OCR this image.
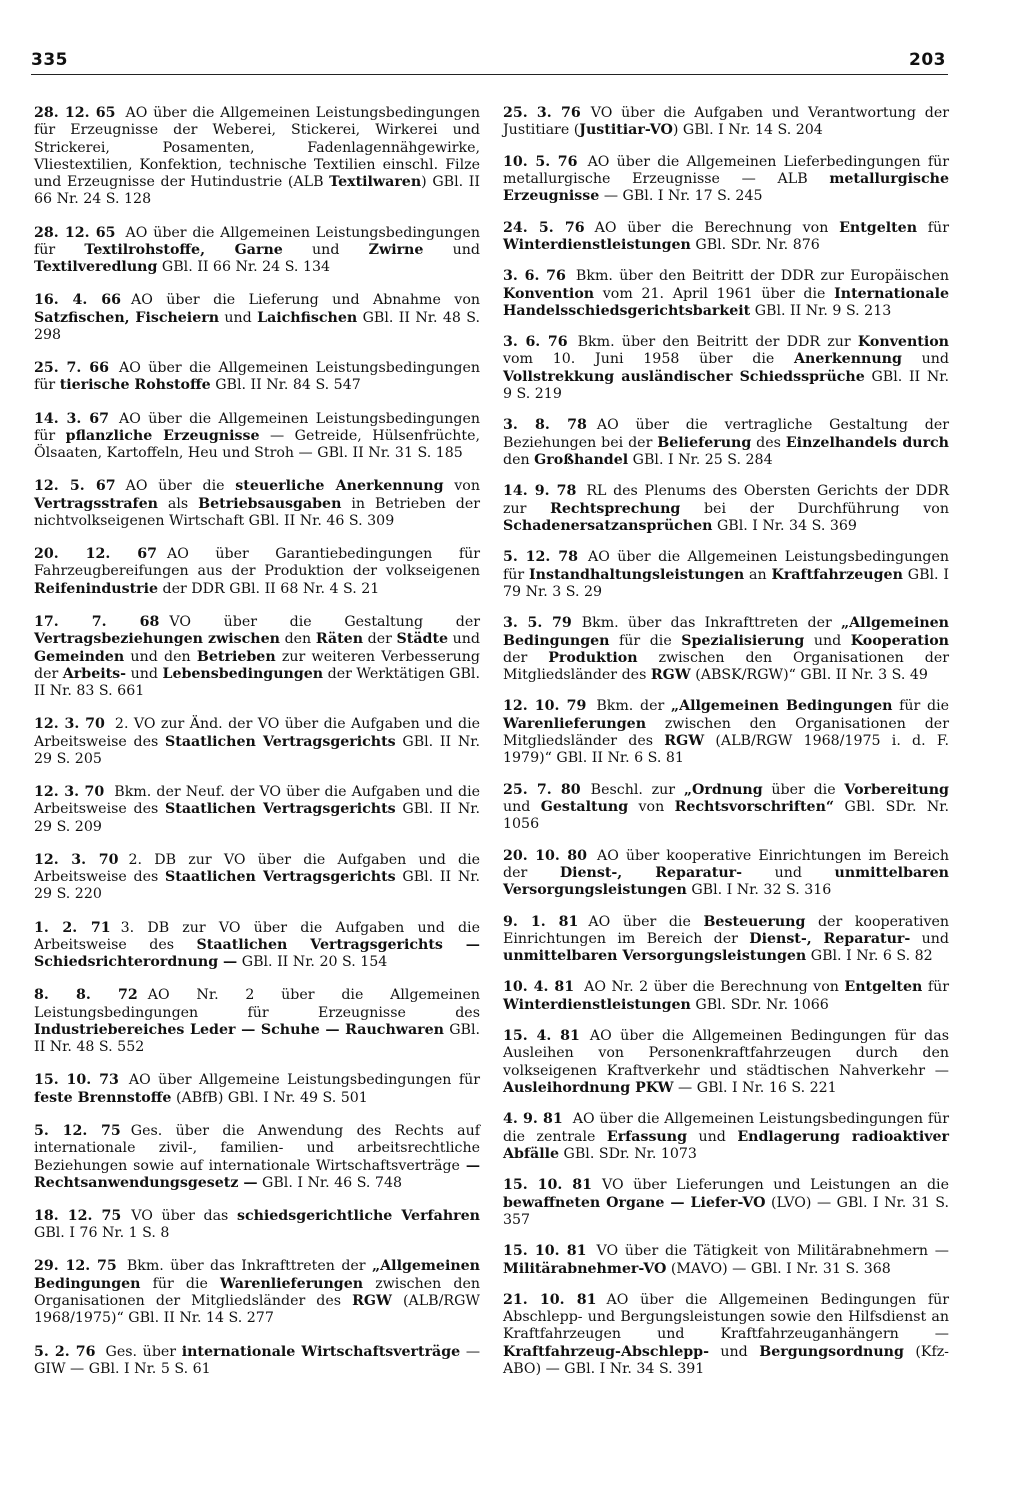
335	203

28. 12. 65 AO über die Allgemeinen Leistungsbedingungen für Erzeugnisse der Weberei, Stickerei, Wirkerei und Strickerei, Posamenten, Fadenlagennähgewirke, Vliestextilien, Konfektion, technische Textilien einschl. Filze und Erzeugnisse der Hutindustrie (ALB Textilwaren) GBl. II 66 Nr. 24 S. 128

28. 12. 65 AO über die Allgemeinen Leistungsbedingungen für Textilrohstoffe, Garne und Zwirne und Textilveredlung GBl. II 66 Nr. 24 S. 134

16. 4. 66 AO über die Lieferung und Abnahme von Satzfischen, Fischeiern und Laichfischen GBl. II Nr. 48 S. 298

25. 7. 66 AO über die Allgemeinen Leistungsbedingungen für tierische Rohstoffe GBl. II Nr. 84 S. 547

14. 3. 67 AO über die Allgemeinen Leistungsbedingungen für pflanzliche Erzeugnisse — Getreide, Hülsenfrüchte, Ölsaaten, Kartoffeln, Heu und Stroh — GBl. II Nr. 31 S. 185

12. 5. 67 AO über die steuerliche Anerkennung von Vertragsstrafen als Betriebsausgaben in Betrieben der nichtvolkseigenen Wirtschaft GBl. II Nr. 46 S. 309

20. 12. 67 AO über Garantiebedingungen für Fahrzeugbereifungen aus der Produktion der volkseigenen Reifenindustrie der DDR GBl. II 68 Nr. 4 S. 21

17. 7. 68 VO über die Gestaltung der Vertragsbeziehungen zwischen den Räten der Städte und Gemeinden und den Betrieben zur weiteren Verbesserung der Arbeits- und Lebensbedingungen der Werktätigen GBl. II Nr. 83 S. 661

12. 3. 70 2. VO zur Änd. der VO über die Aufgaben und die Arbeitsweise des Staatlichen Vertragsgerichts GBl. II Nr. 29 S. 205

12. 3. 70 Bkm. der Neuf. der VO über die Aufgaben und die Arbeitsweise des Staatlichen Vertragsgerichts GBl. II Nr. 29 S. 209

12. 3. 70 2. DB zur VO über die Aufgaben und die Arbeitsweise des Staatlichen Vertragsgerichts GBl. II Nr. 29 S. 220

1. 2. 71 3. DB zur VO über die Aufgaben und die Arbeitsweise des Staatlichen Vertragsgerichts — Schiedsrichterordnung — GBl. II Nr. 20 S. 154

8. 8. 72 AO Nr. 2 über die Allgemeinen Leistungsbedingungen für Erzeugnisse des Industriebereiches Leder — Schuhe — Rauchwaren GBl. II Nr. 48 S. 552

15. 10. 73 AO über Allgemeine Leistungsbedingungen für feste Brennstoffe (ABfB) GBl. I Nr. 49 S. 501

5. 12. 75 Ges. über die Anwendung des Rechts auf internationale zivil-, familien- und arbeitsrechtliche Beziehungen sowie auf internationale Wirtschaftsverträge — Rechtsanwendungsgesetz — GBl. I Nr. 46 S. 748

18. 12. 75 VO über das schiedsgerichtliche Verfahren GBl. I 76 Nr. 1 S. 8

29. 12. 75 Bkm. über das Inkrafttreten der „Allgemeinen Bedingungen für die Warenlieferungen zwischen den Organisationen der Mitgliedsländer des RGW (ALB/RGW 1968/1975)“ GBl. II Nr. 14 S. 277

5. 2. 76 Ges. über internationale Wirtschaftsverträge — GIW — GBl. I Nr. 5 S. 61

25. 3. 76 VO über die Aufgaben und Verantwortung der Justitiare (Justitiar-VO) GBl. I Nr. 14 S. 204

10. 5. 76 AO über die Allgemeinen Lieferbedingungen für metallurgische Erzeugnisse — ALB metallurgische Erzeugnisse — GBl. I Nr. 17 S. 245

24. 5. 76 AO über die Berechnung von Entgelten für Winterdienstleistungen GBl. SDr. Nr. 876

3. 6. 76 Bkm. über den Beitritt der DDR zur Europäischen Konvention vom 21. April 1961 über die Internationale Handelsschiedsgerichtsbarkeit GBl. II Nr. 9 S. 213

3. 6. 76 Bkm. über den Beitritt der DDR zur Konvention vom 10. Juni 1958 über die Anerkennung und Vollstrekkung ausländischer Schiedssprüche GBl. II Nr. 9 S. 219

3. 8. 78 AO über die vertragliche Gestaltung der Beziehungen bei der Belieferung des Einzelhandels durch den Großhandel GBl. I Nr. 25 S. 284

14. 9. 78 RL des Plenums des Obersten Gerichts der DDR zur Rechtsprechung bei der Durchführung von Schadenersatzansprüchen GBl. I Nr. 34 S. 369

5. 12. 78 AO über die Allgemeinen Leistungsbedingungen für Instandhaltungsleistungen an Kraftfahrzeugen GBl. I 79 Nr. 3 S. 29

3. 5. 79 Bkm. über das Inkrafttreten der „Allgemeinen Bedingungen für die Spezialisierung und Kooperation der Produktion zwischen den Organisationen der Mitgliedsländer des RGW (ABSK/RGW)“ GBl. II Nr. 3 S. 49

12. 10. 79 Bkm. der „Allgemeinen Bedingungen für die Warenlieferungen zwischen den Organisationen der Mitgliedsländer des RGW (ALB/RGW 1968/1975 i. d. F. 1979)“ GBl. II Nr. 6 S. 81

25. 7. 80 Beschl. zur „Ordnung über die Vorbereitung und Gestaltung von Rechtsvorschriften“ GBl. SDr. Nr. 1056

20. 10. 80 AO über kooperative Einrichtungen im Bereich der Dienst-, Reparatur- und unmittelbaren Versorgungsleistungen GBl. I Nr. 32 S. 316

9. 1. 81 AO über die Besteuerung der kooperativen Einrichtungen im Bereich der Dienst-, Reparatur- und unmittelbaren Versorgungsleistungen GBl. I Nr. 6 S. 82

10. 4. 81 AO Nr. 2 über die Berechnung von Entgelten für Winterdienstleistungen GBl. SDr. Nr. 1066

15. 4. 81 AO über die Allgemeinen Bedingungen für das Ausleihen von Personenkraftfahrzeugen durch den volkseigenen Kraftverkehr und städtischen Nahverkehr — Ausleihordnung PKW — GBl. I Nr. 16 S. 221

4. 9. 81 AO über die Allgemeinen Leistungsbedingungen für die zentrale Erfassung und Endlagerung radioaktiver Abfälle GBl. SDr. Nr. 1073

15. 10. 81 VO über Lieferungen und Leistungen an die bewaffneten Organe — Liefer-VO (LVO) — GBl. I Nr. 31 S. 357

15. 10. 81 VO über die Tätigkeit von Militärabnehmern — Militärabnehmer-VO (MAVO) — GBl. I Nr. 31 S. 368

21. 10. 81 AO über die Allgemeinen Bedingungen für Abschlepp- und Bergungsleistungen sowie den Hilfsdienst an Kraftfahrzeugen und Kraftfahrzeuganhängern — Kraftfahrzeug-Abschlepp- und Bergungsordnung (Kfz-ABO) — GBl. I Nr. 34 S. 391
